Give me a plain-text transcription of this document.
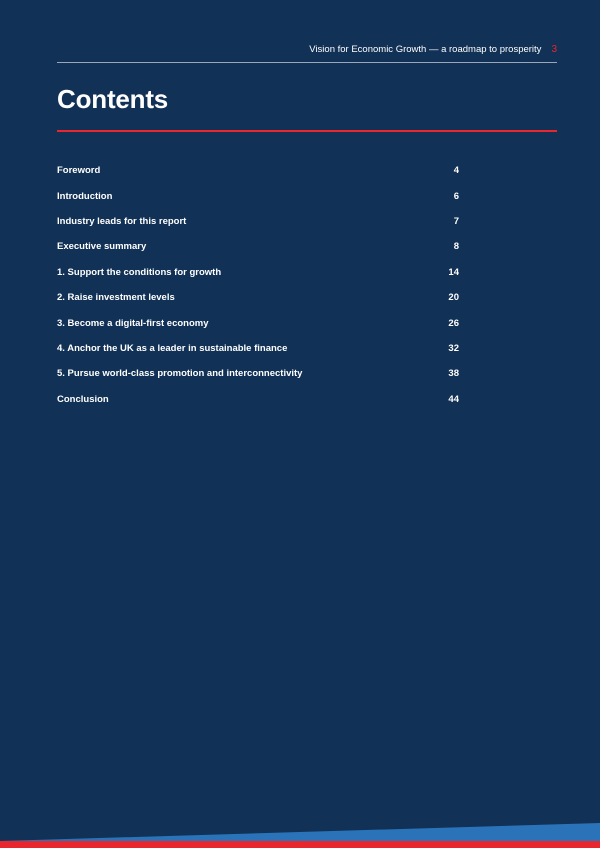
Vision for Economic Growth — a roadmap to prosperity 3
Contents
Foreword	4
Introduction	6
Industry leads for this report	7
Executive summary	8
1. Support the conditions for growth	14
2. Raise investment levels	20
3. Become a digital-first economy	26
4. Anchor the UK as a leader in sustainable finance	32
5. Pursue world-class promotion and interconnectivity	38
Conclusion	44
